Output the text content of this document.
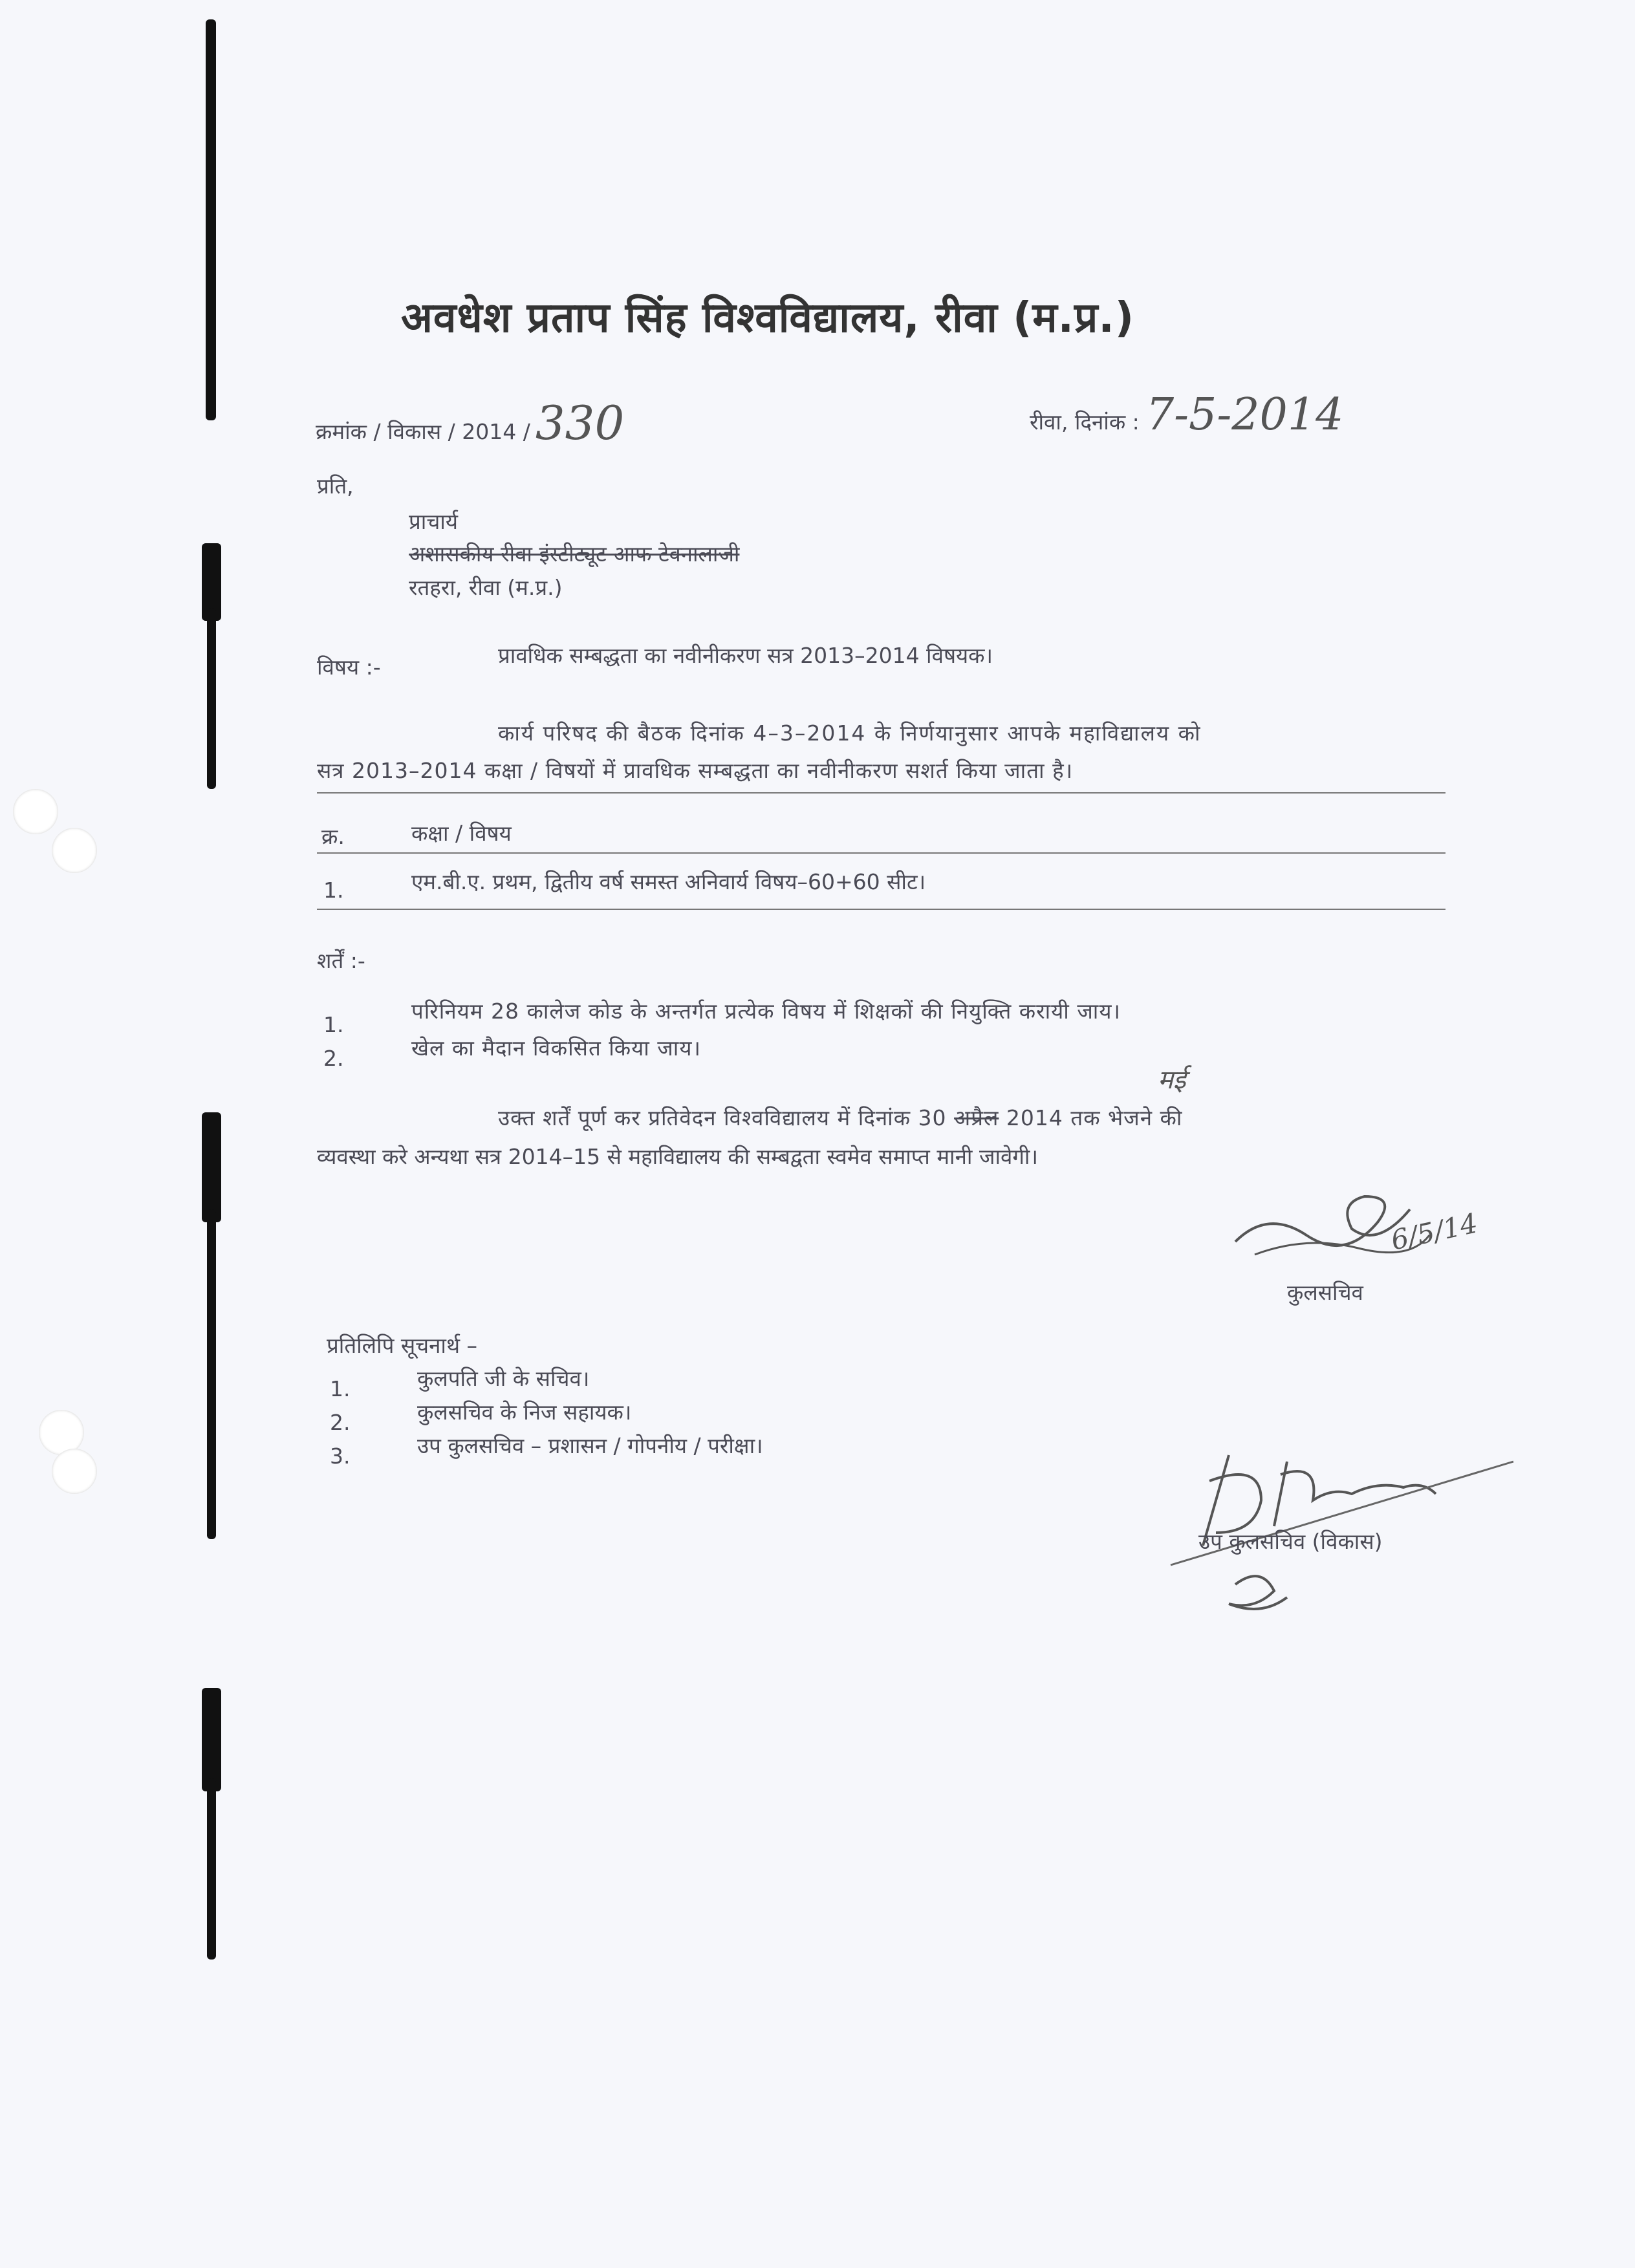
अवधेश प्रताप सिंह विश्वविद्यालय, रीवा (म.प्र.)
क्रमांक / विकास / 2014 / 330	रीवा, दिनांक : 7-5-2014
प्रति,
प्राचार्य
अशासकीय रीवा इंस्टीट्यूट आफ टेक्नालाजी
रतहरा, रीवा (म.प्र.)
विषय :-	प्रावधिक सम्बद्धता का नवीनीकरण सत्र 2013–2014 विषयक।
कार्य परिषद की बैठक दिनांक 4–3–2014 के निर्णयानुसार आपके महाविद्यालय को
सत्र 2013–2014 कक्षा / विषयों में प्रावधिक सम्बद्धता का नवीनीकरण सशर्त किया जाता है।
क्र.	कक्षा / विषय
1.	एम.बी.ए. प्रथम, द्वितीय वर्ष समस्त अनिवार्य विषय–60+60 सीट।
शर्तें :-
1.
परिनियम 28 कालेज कोड के अन्तर्गत प्रत्येक विषय में शिक्षकों की नियुक्ति करायी जाय।
2.	खेल का मैदान विकसित किया जाय।
उक्त शर्तें पूर्ण कर प्रतिवेदन विश्वविद्यालय में दिनांक 30 अप्रैल 2014 तक भेजने की
मई
व्यवस्था करे अन्यथा सत्र 2014–15 से महाविद्यालय की सम्बद्वता स्वमेव समाप्त मानी जावेगी।
6/5/14
कुलसचिव
प्रतिलिपि सूचनार्थ –
1.	कुलपति जी के सचिव।
2.	कुलसचिव के निज सहायक।
3.	उप कुलसचिव – प्रशासन / गोपनीय / परीक्षा।
उप कुलसचिव (विकास)
